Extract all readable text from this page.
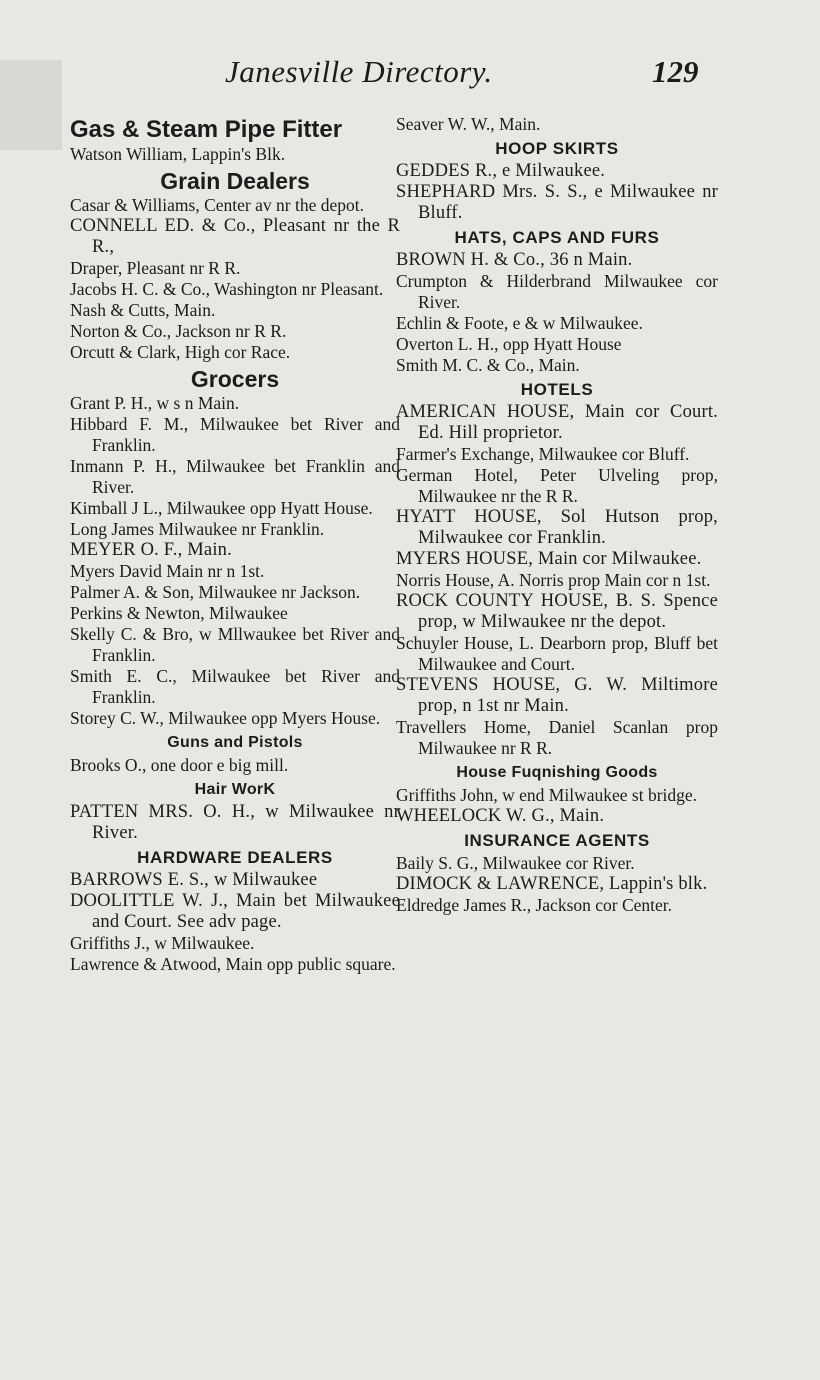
Janesville Directory.	129

Gas & Steam Pipe Fitter

Watson William, Lappin's Blk.

Grain Dealers

Casar & Williams, Center av nr the depot.

CONNELL ED. & Co., Pleasant nr the R R.,

Draper, Pleasant nr R R.

Jacobs H. C. & Co., Washington nr Pleasant.

Nash & Cutts, Main.

Norton & Co., Jackson nr R R.

Orcutt & Clark, High cor Race.

Grocers

Grant P. H., w s n Main.

Hibbard F. M., Milwaukee bet River and Franklin.

Inmann P. H., Milwaukee bet Franklin and River.

Kimball J L., Milwaukee opp Hyatt House.

Long James Milwaukee nr Franklin.

MEYER O. F., Main.

Myers David Main nr n 1st.

Palmer A. & Son, Milwaukee nr Jackson.

Perkins & Newton, Milwaukee

Skelly C. & Bro, w Mllwaukee bet River and Franklin.

Smith E. C., Milwaukee bet River and Franklin.

Storey C. W., Milwaukee opp Myers House.

Guns and Pistols

Brooks O., one door e big mill.

Hair WorK

PATTEN MRS. O. H., w Milwaukee nr River.

HARDWARE DEALERS

BARROWS E. S., w Milwaukee

DOOLITTLE W. J., Main bet Milwaukee and Court. See adv page.

Griffiths J., w Milwaukee.

Lawrence & Atwood, Main opp public square.

Seaver W. W., Main.

HOOP SKIRTS

GEDDES R., e Milwaukee.

SHEPHARD Mrs. S. S., e Milwaukee nr Bluff.

HATS, CAPS AND FURS

BROWN H. & Co., 36 n Main.

Crumpton & Hilderbrand Milwaukee cor River.

Echlin & Foote, e & w Milwaukee.

Overton L. H., opp Hyatt House

Smith M. C. & Co., Main.

HOTELS

AMERICAN HOUSE, Main cor Court. Ed. Hill proprietor.

Farmer's Exchange, Milwaukee cor Bluff.

German Hotel, Peter Ulveling prop, Milwaukee nr the R R.

HYATT HOUSE, Sol Hutson prop, Milwaukee cor Franklin.

MYERS HOUSE, Main cor Milwaukee.

Norris House, A. Norris prop Main cor n 1st.

ROCK COUNTY HOUSE, B. S. Spence prop, w Milwaukee nr the depot.

Schuyler House, L. Dearborn prop, Bluff bet Milwaukee and Court.

STEVENS HOUSE, G. W. Miltimore prop, n 1st nr Main.

Travellers Home, Daniel Scanlan prop Milwaukee nr R R.

House Fuqnishing Goods

Griffiths John, w end Milwaukee st bridge.

WHEELOCK W. G., Main.

INSURANCE AGENTS

Baily S. G., Milwaukee cor River.

DIMOCK & LAWRENCE, Lappin's blk.

Eldredge James R., Jackson cor Center.
